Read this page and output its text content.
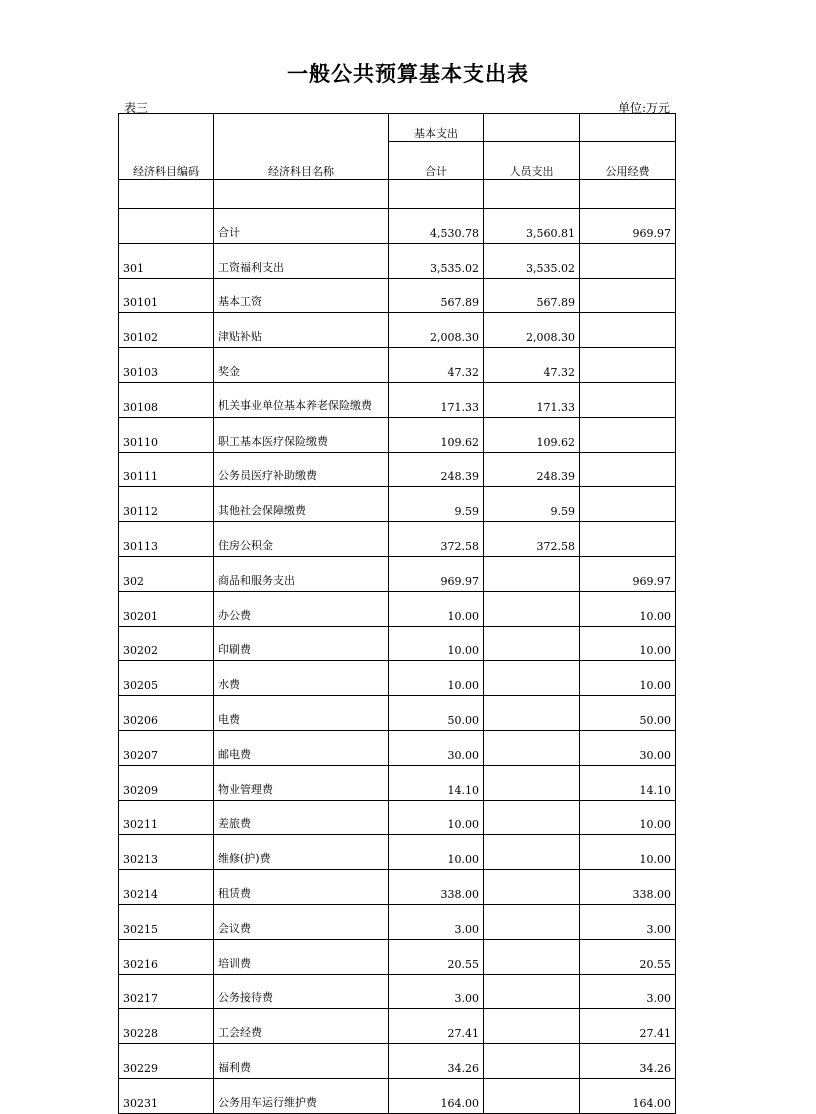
一般公共预算基本支出表
表三	单位:万元
经济科目编码	经济科目名称	基本支出		
		合计	人员支出	公用经费

	合计	4,530.78	3,560.81	969.97
301	工资福利支出	3,535.02	3,535.02	
30101	基本工资	567.89	567.89	
30102	津贴补贴	2,008.30	2,008.30	
30103	奖金	47.32	47.32	
30108	机关事业单位基本养老保险缴费	171.33	171.33	
30110	职工基本医疗保险缴费	109.62	109.62	
30111	公务员医疗补助缴费	248.39	248.39	
30112	其他社会保障缴费	9.59	9.59	
30113	住房公积金	372.58	372.58	
302	商品和服务支出	969.97		969.97
30201	办公费	10.00		10.00
30202	印刷费	10.00		10.00
30205	水费	10.00		10.00
30206	电费	50.00		50.00
30207	邮电费	30.00		30.00
30209	物业管理费	14.10		14.10
30211	差旅费	10.00		10.00
30213	维修(护)费	10.00		10.00
30214	租赁费	338.00		338.00
30215	会议费	3.00		3.00
30216	培训费	20.55		20.55
30217	公务接待费	3.00		3.00
30228	工会经费	27.41		27.41
30229	福利费	34.26		34.26
30231	公务用车运行维护费	164.00		164.00
